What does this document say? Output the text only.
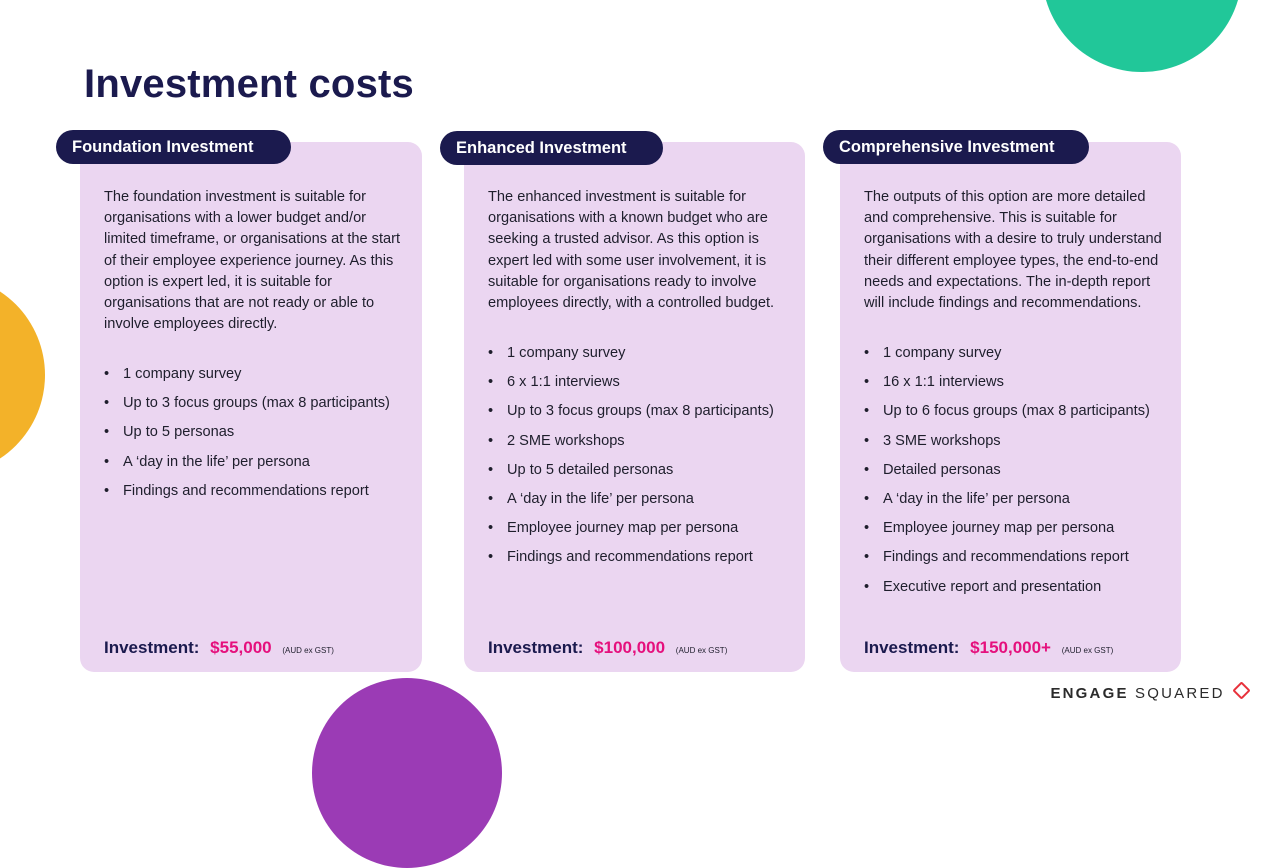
Investment costs

The foundation investment is suitable for organisations with a lower budget and/or limited timeframe, or organisations at the start of their employee experience journey. As this option is expert led, it is suitable for organisations that are not ready or able to involve employees directly.

• 1 company survey
• Up to 3 focus groups (max 8 participants)
• Up to 5 personas
• A ‘day in the life’ per persona
• Findings and recommendations report
Investment: $55,000 (AUD ex GST)
Foundation Investment

The enhanced investment is suitable for organisations with a known budget who are seeking a trusted advisor. As this option is expert led with some user involvement, it is suitable for organisations ready to involve employees directly, with a controlled budget.

• 1 company survey
• 6 x 1:1 interviews
• Up to 3 focus groups (max 8 participants)
• 2 SME workshops
• Up to 5 detailed personas
• A ‘day in the life’ per persona
• Employee journey map per persona
• Findings and recommendations report
Investment: $100,000 (AUD ex GST)
Enhanced Investment

The outputs of this option are more detailed and comprehensive. This is suitable for organisations with a desire to truly understand their different employee types, the end-to-end needs and expectations. The in-depth report will include findings and recommendations.

• 1 company survey
• 16 x 1:1 interviews
• Up to 6 focus groups (max 8 participants)
• 3 SME workshops
• Detailed personas
• A ‘day in the life’ per persona
• Employee journey map per persona
• Findings and recommendations report
• Executive report and presentation
Investment: $150,000+ (AUD ex GST)
Comprehensive Investment
ENGAGE SQUARED
